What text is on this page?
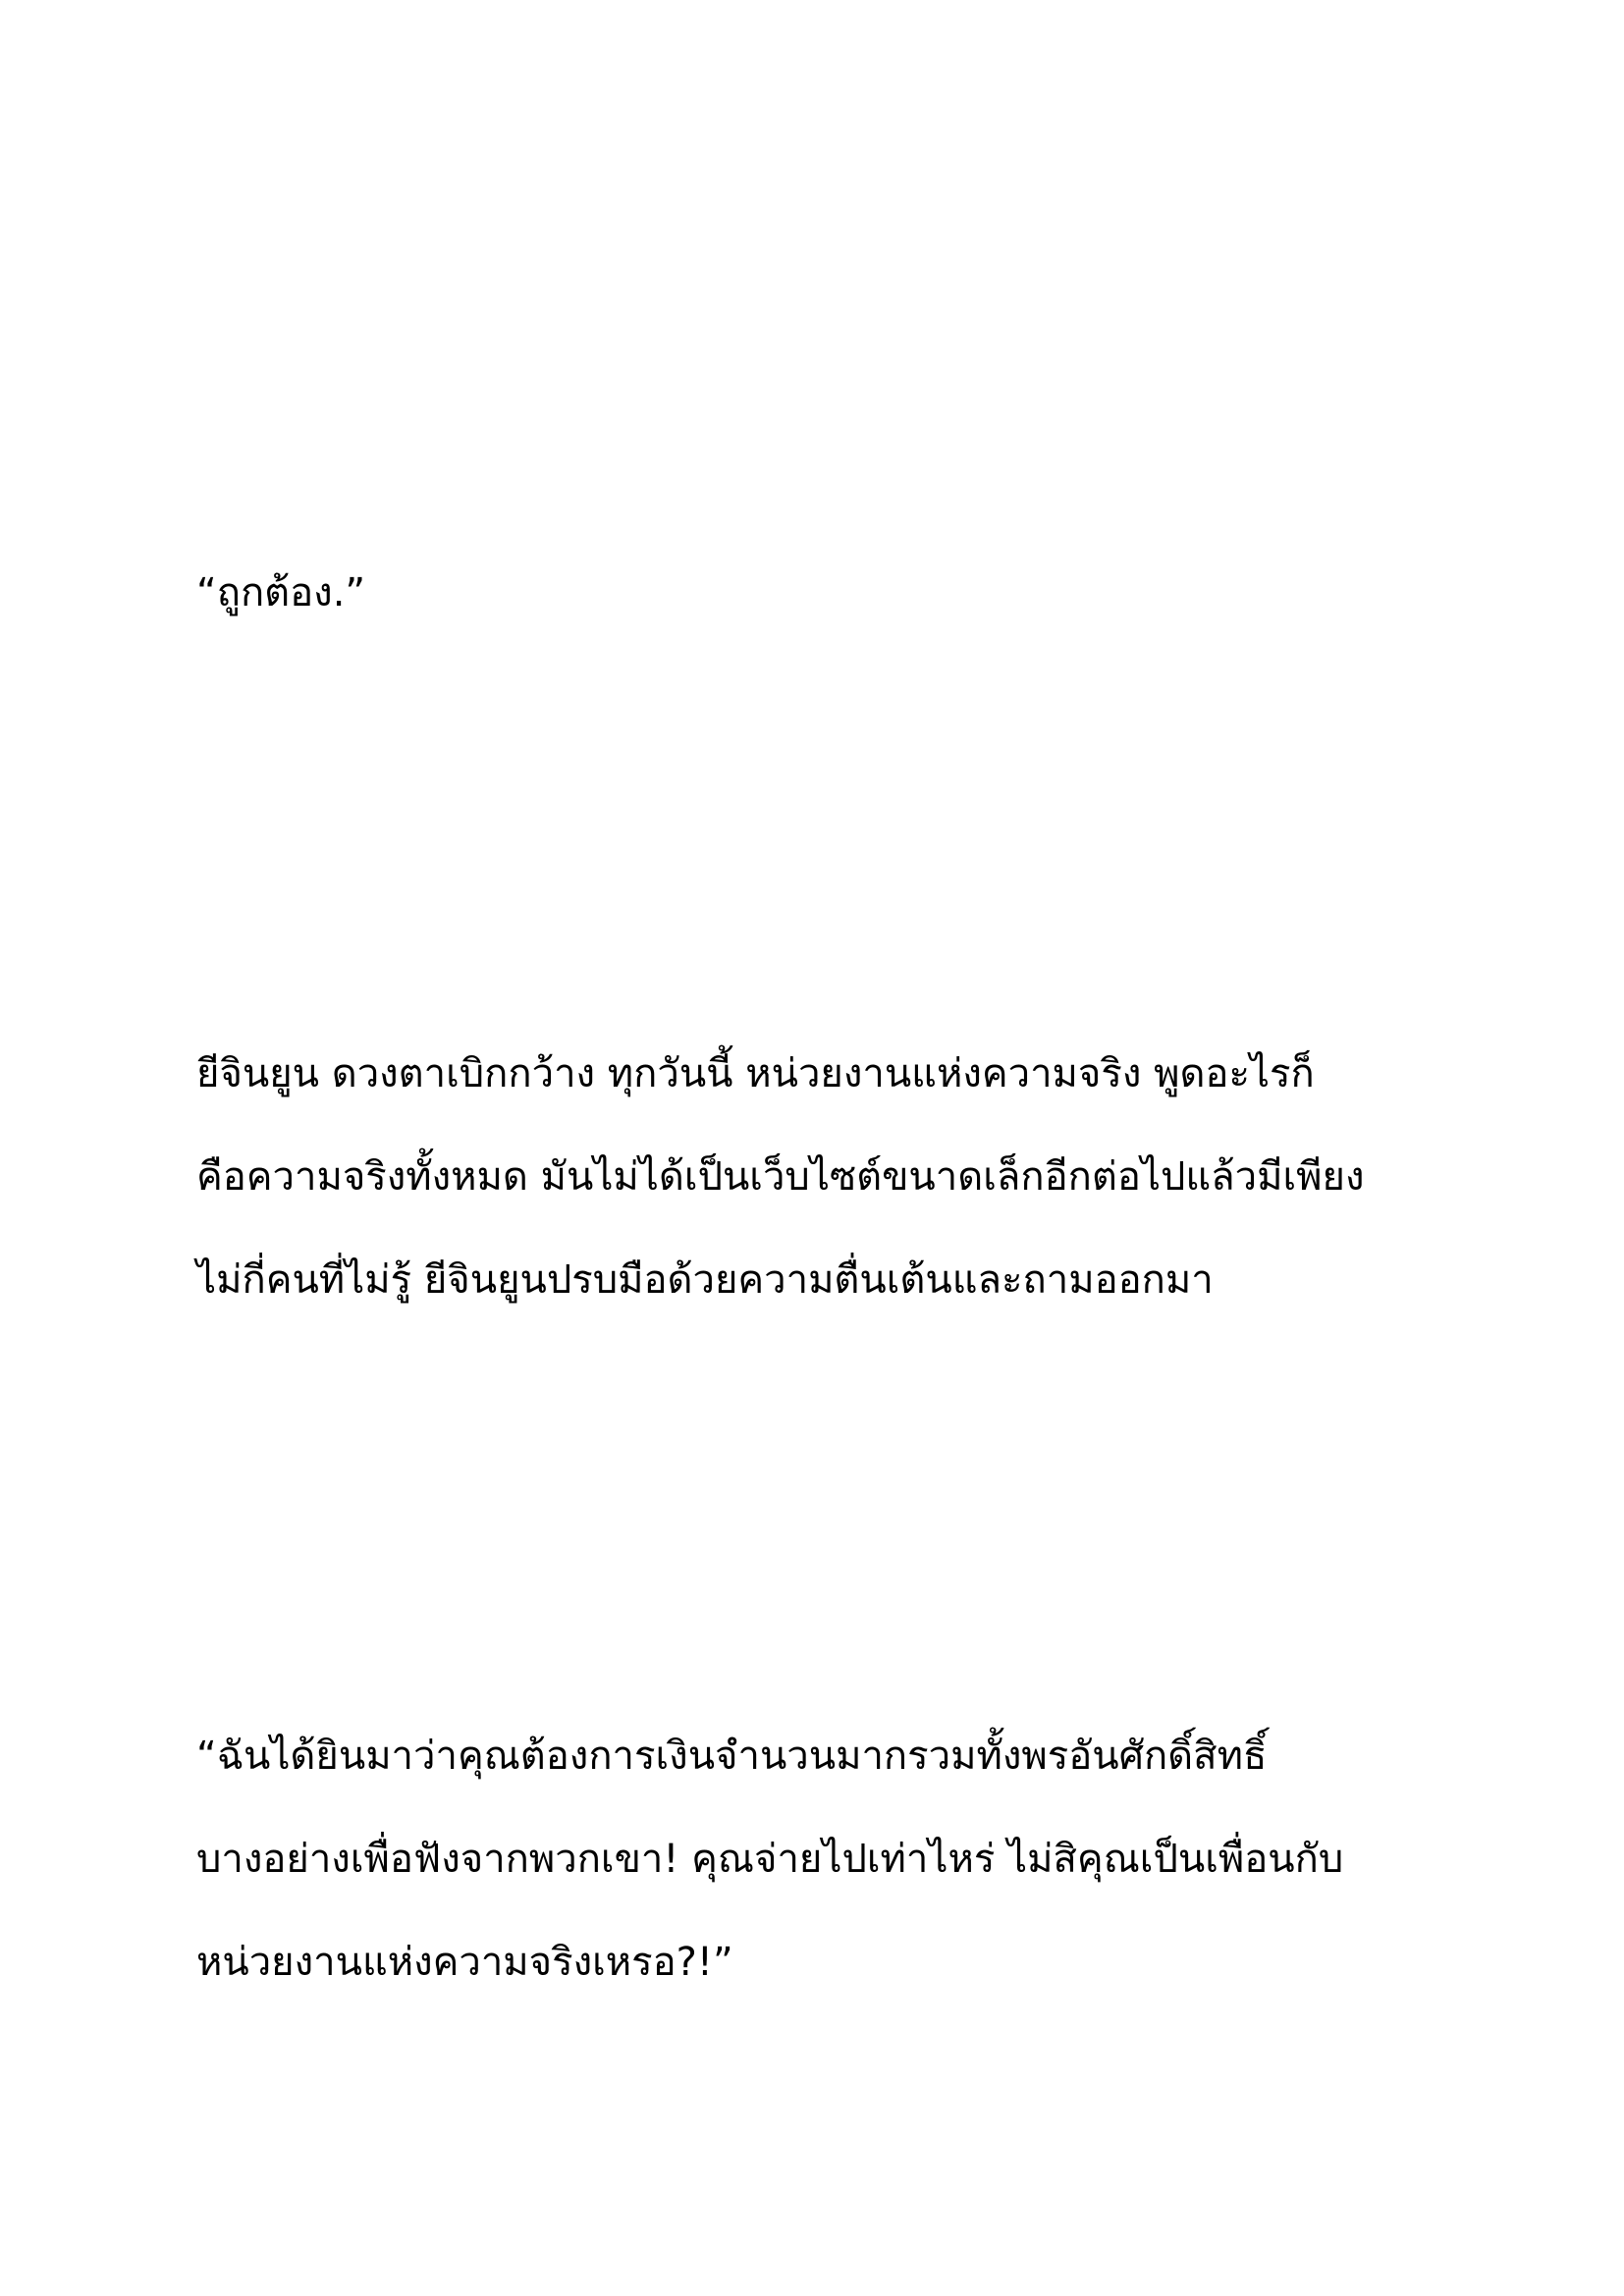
“ถูกต้อง.”

ยีจินยูน ดวงตาเบิกกว้าง ทุกวันนี้ หน่วยงานแห่งความจริง พูดอะไรก็

คือความจริงทั้งหมด มันไม่ได้เป็นเว็บไซต์ขนาดเล็กอีกต่อไปแล้วมีเพียง

ไม่กี่คนที่ไม่รู้ ยีจินยูนปรบมือด้วยความตื่นเต้นและถามออกมา

“ฉันได้ยินมาว่าคุณต้องการเงินจำนวนมากรวมทั้งพรอันศักดิ์สิทธิ์

บางอย่างเพื่อฟังจากพวกเขา! คุณจ่ายไปเท่าไหร่ ไม่สิคุณเป็นเพื่อนกับ

หน่วยงานแห่งความจริงเหรอ?!”
